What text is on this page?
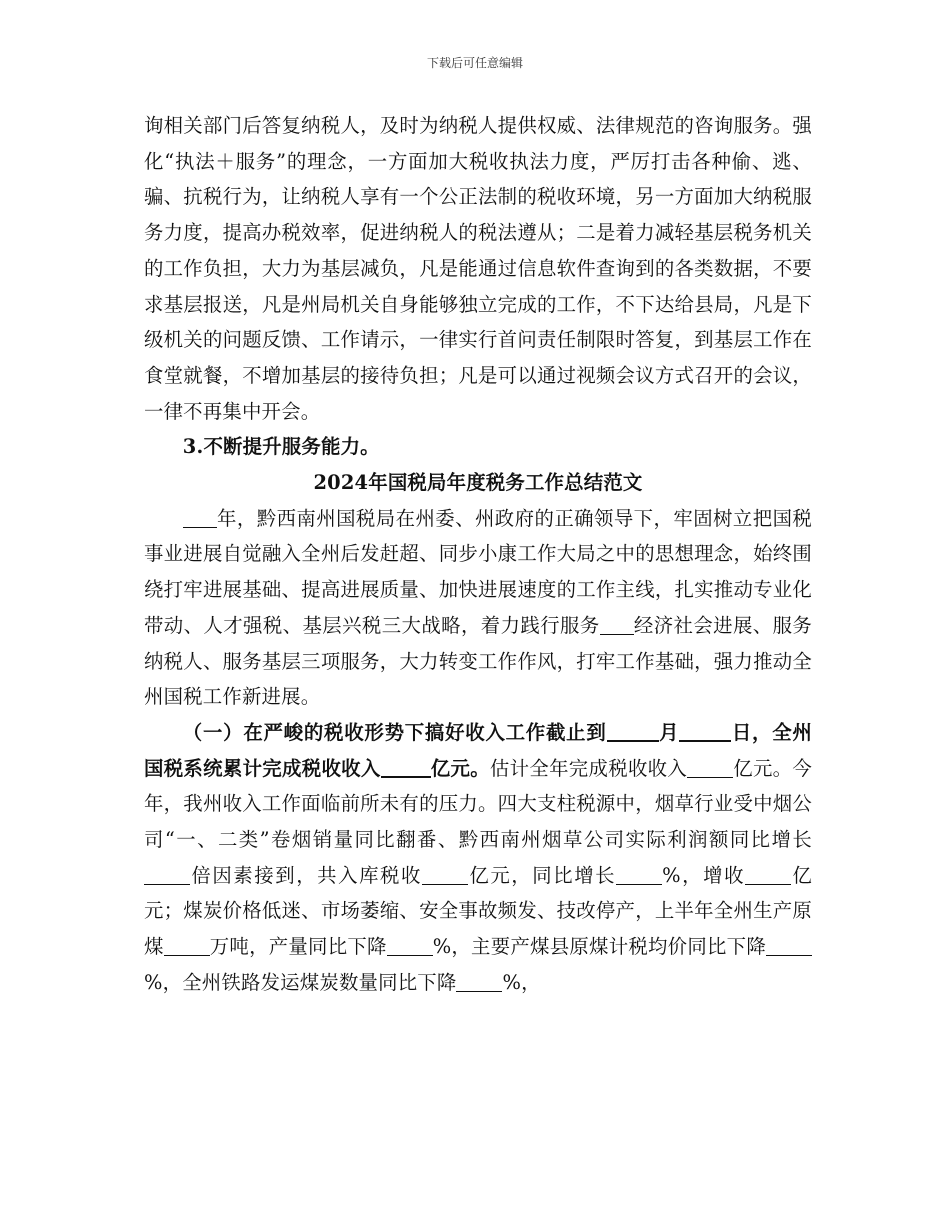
下载后可任意编辑

询相关部门后答复纳税人，及时为纳税人提供权威、法律规范的咨询服务。强化“执法＋服务”的理念，一方面加大税收执法力度，严厉打击各种偷、逃、骗、抗税行为，让纳税人享有一个公正法制的税收环境，另一方面加大纳税服务力度，提高办税效率，促进纳税人的税法遵从；二是着力减轻基层税务机关的工作负担，大力为基层减负，凡是能通过信息软件查询到的各类数据，不要求基层报送，凡是州局机关自身能够独立完成的工作，不下达给县局，凡是下级机关的问题反馈、工作请示，一律实行首问责任制限时答复，到基层工作在食堂就餐，不增加基层的接待负担；凡是可以通过视频会议方式召开的会议，一律不再集中开会。

3.不断提升服务能力。

2024年国税局年度税务工作总结范文

年，黔西南州国税局在州委、州政府的正确领导下，牢固树立把国税事业进展自觉融入全州后发赶超、同步小康工作大局之中的思想理念，始终围绕打牢进展基础、提高进展质量、加快进展速度的工作主线，扎实推动专业化带动、人才强税、基层兴税三大战略，着力践行服务 经济社会进展、服务纳税人、服务基层三项服务，大力转变工作作风，打牢工作基础，强力推动全州国税工作新进展。

（一）在严峻的税收形势下搞好收入工作截止到	月	日，全州国税系统累计完成税收收入	亿元。估计全年完成税收收入 亿元。今年，我州收入工作面临前所未有的压力。四大支柱税源中，烟草行业受中烟公司“一、二类”卷烟销量同比翻番、黔西南州烟草公司实际利润额同比增长倍因素接到，共入库税收 亿元，同比增长 %，增收 亿元；煤炭价格低迷、市场萎缩、安全事故频发、技改停产，上半年全州生产原煤 万吨，产量同比下降 %，主要产煤县原煤计税均价同比下降%，全州铁路发运煤炭数量同比下降 %，
